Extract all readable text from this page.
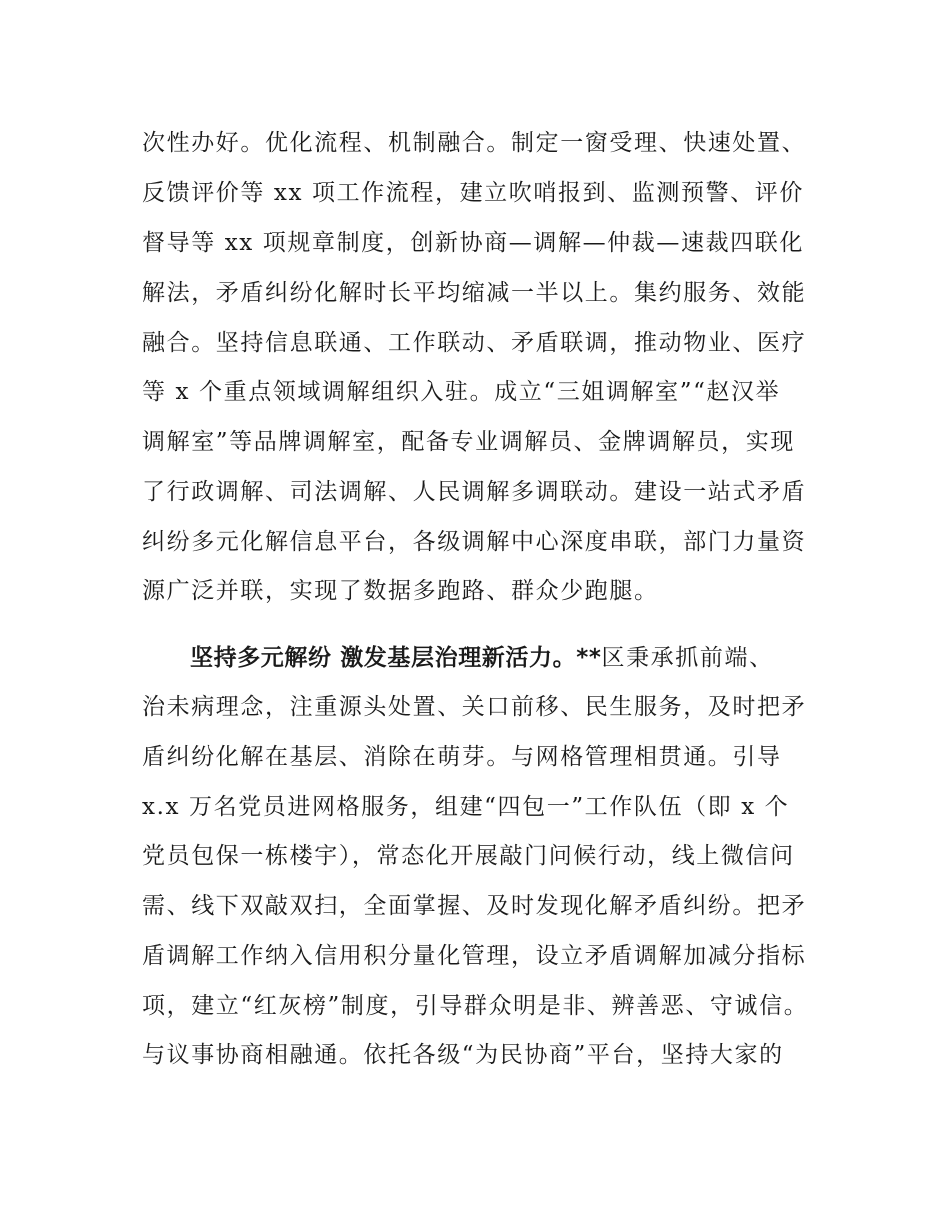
次性办好。优化流程、机制融合。制定一窗受理、快速处置、
反馈评价等 xx 项工作流程，建立吹哨报到、监测预警、评价
督导等 xx 项规章制度，创新协商—调解—仲裁—速裁四联化
解法，矛盾纠纷化解时长平均缩减一半以上。集约服务、效能
融合。坚持信息联通、工作联动、矛盾联调，推动物业、医疗
等 x 个重点领域调解组织入驻。成立“三姐调解室”“赵汉举
调解室”等品牌调解室，配备专业调解员、金牌调解员，实现
了行政调解、司法调解、人民调解多调联动。建设一站式矛盾
纠纷多元化解信息平台，各级调解中心深度串联，部门力量资
源广泛并联，实现了数据多跑路、群众少跑腿。
坚持多元解纷 激发基层治理新活力。**区秉承抓前端、
治未病理念，注重源头处置、关口前移、民生服务，及时把矛
盾纠纷化解在基层、消除在萌芽。与网格管理相贯通。引导
x.x 万名党员进网格服务，组建“四包一”工作队伍（即 x 个
党员包保一栋楼宇），常态化开展敲门问候行动，线上微信问
需、线下双敲双扫，全面掌握、及时发现化解矛盾纠纷。把矛
盾调解工作纳入信用积分量化管理，设立矛盾调解加减分指标
项，建立“红灰榜”制度，引导群众明是非、辨善恶、守诚信。
与议事协商相融通。依托各级“为民协商”平台，坚持大家的
